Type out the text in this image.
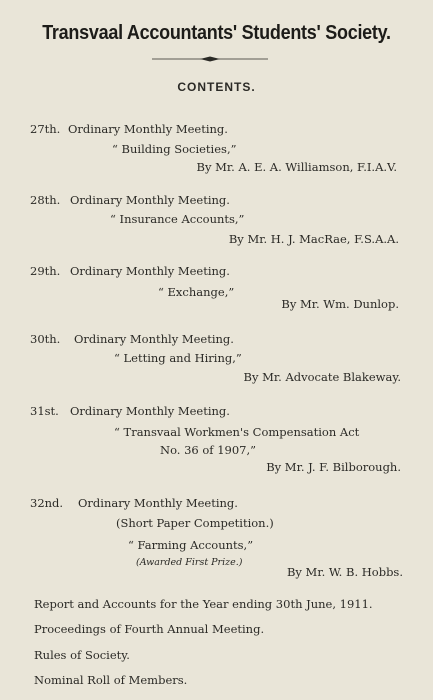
Transvaal Accountants' Students' Society.
CONTENTS.
27th. Ordinary Monthly Meeting.
“ Building Societies,”
By Mr. A. E. A. Williamson, F.I.A.V.
28th. Ordinary Monthly Meeting.
“ Insurance Accounts,”
By Mr. H. J. MacRae, F.S.A.A.
29th. Ordinary Monthly Meeting.
“ Exchange,”
By Mr. Wm. Dunlop.
30th. Ordinary Monthly Meeting.
“ Letting and Hiring,”
By Mr. Advocate Blakeway.
31st. Ordinary Monthly Meeting.
“ Transvaal Workmen's Compensation Act
No. 36 of 1907,”
By Mr. J. F. Bilborough.
32nd. Ordinary Monthly Meeting.
(Short Paper Competition.)
“ Farming Accounts,”
(Awarded First Prize.)
By Mr. W. B. Hobbs.
Report and Accounts for the Year ending 30th June, 1911.
Proceedings of Fourth Annual Meeting.
Rules of Society.
Nominal Roll of Members.
